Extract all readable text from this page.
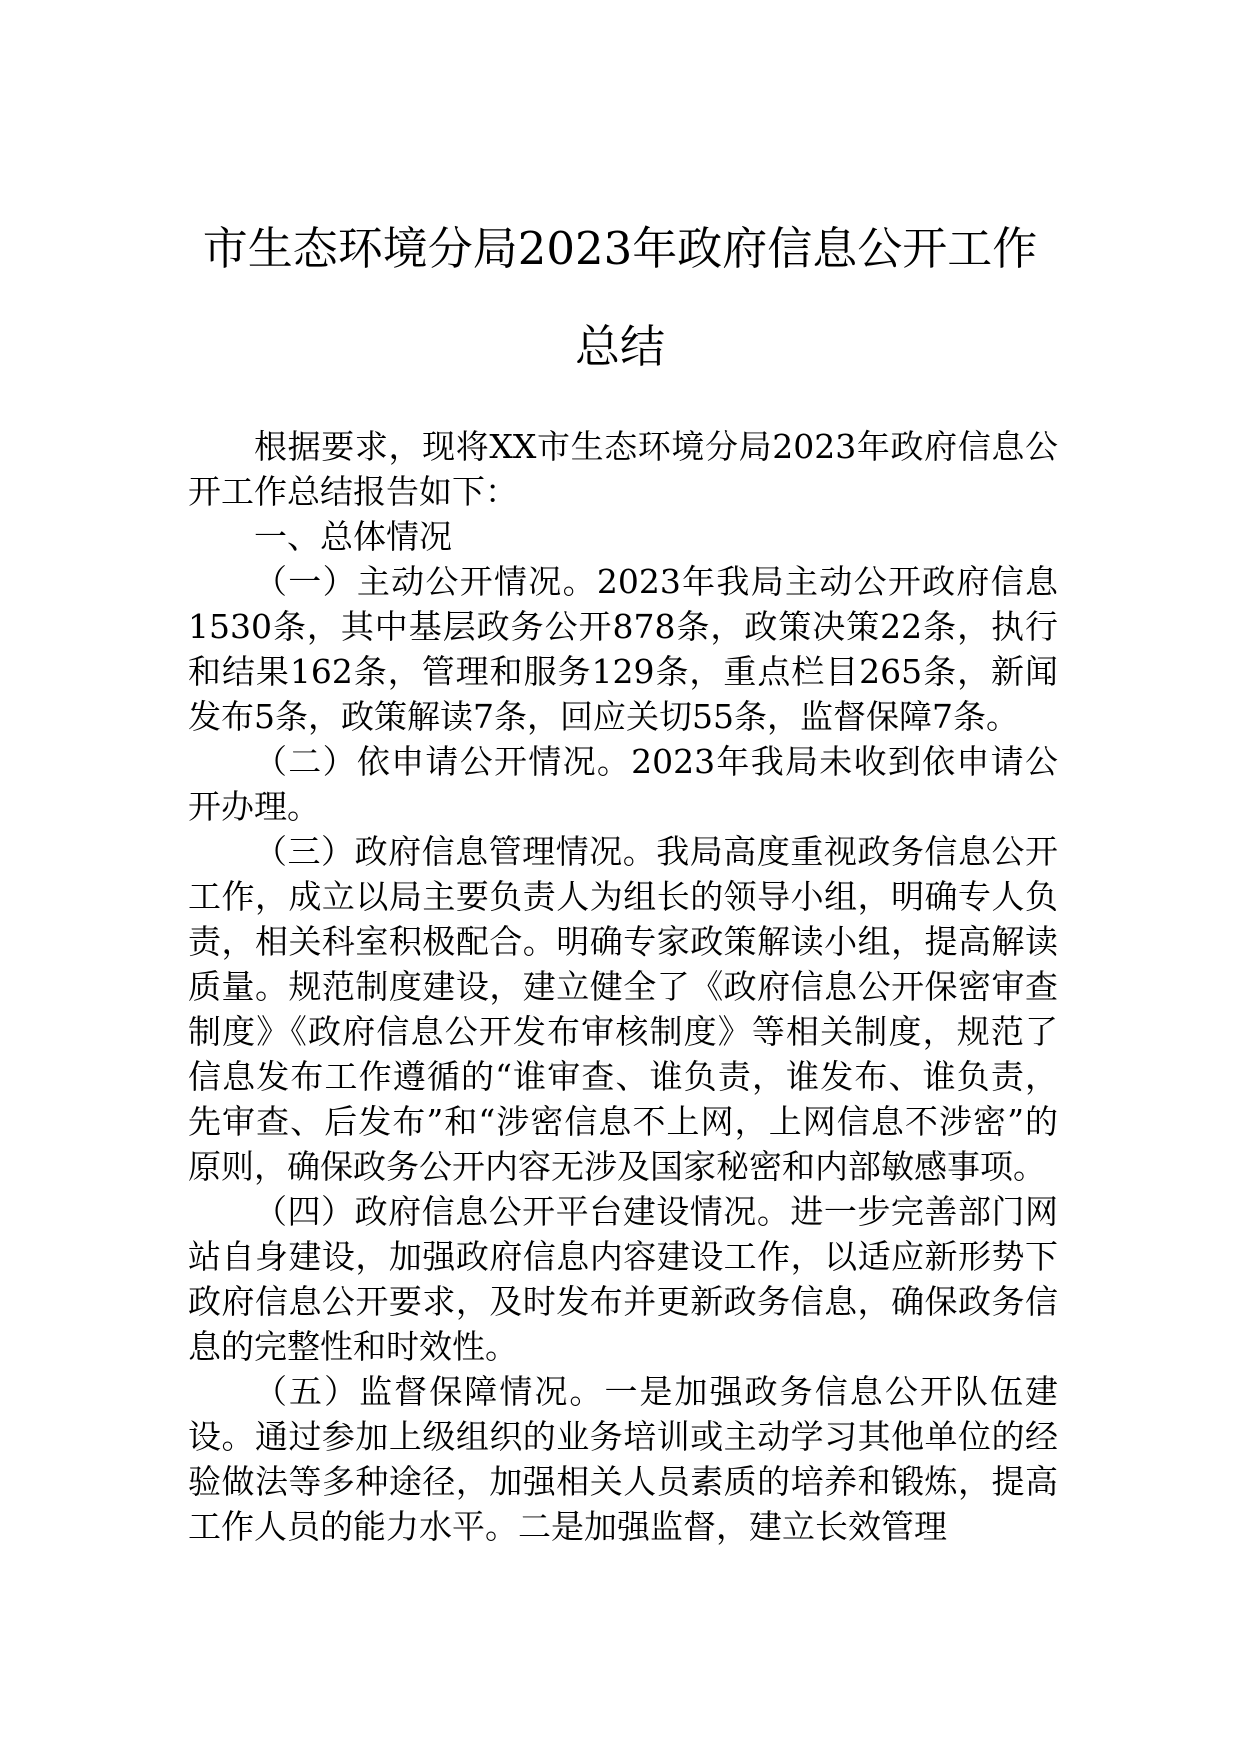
市生态环境分局2023年政府信息公开工作
总结

根据要求，现将XX市生态环境分局2023年政府信息公开工作总结报告如下：

一、总体情况

（一）主动公开情况。2023年我局主动公开政府信息1530条，其中基层政务公开878条，政策决策22条，执行和结果162条，管理和服务129条，重点栏目265条，新闻发布5条，政策解读7条，回应关切55条，监督保障7条。

（二）依申请公开情况。2023年我局未收到依申请公开办理。

（三）政府信息管理情况。我局高度重视政务信息公开工作，成立以局主要负责人为组长的领导小组，明确专人负责，相关科室积极配合。明确专家政策解读小组，提高解读质量。规范制度建设，建立健全了《政府信息公开保密审查制度》《政府信息公开发布审核制度》等相关制度，规范了信息发布工作遵循的“谁审查、谁负责，谁发布、谁负责，先审查、后发布”和“涉密信息不上网，上网信息不涉密”的原则，确保政务公开内容无涉及国家秘密和内部敏感事项。

（四）政府信息公开平台建设情况。进一步完善部门网站自身建设，加强政府信息内容建设工作，以适应新形势下政府信息公开要求，及时发布并更新政务信息，确保政务信息的完整性和时效性。

（五）监督保障情况。一是加强政务信息公开队伍建设。通过参加上级组织的业务培训或主动学习其他单位的经验做法等多种途径，加强相关人员素质的培养和锻炼，提高工作人员的能力水平。二是加强监督，建立长效管理
